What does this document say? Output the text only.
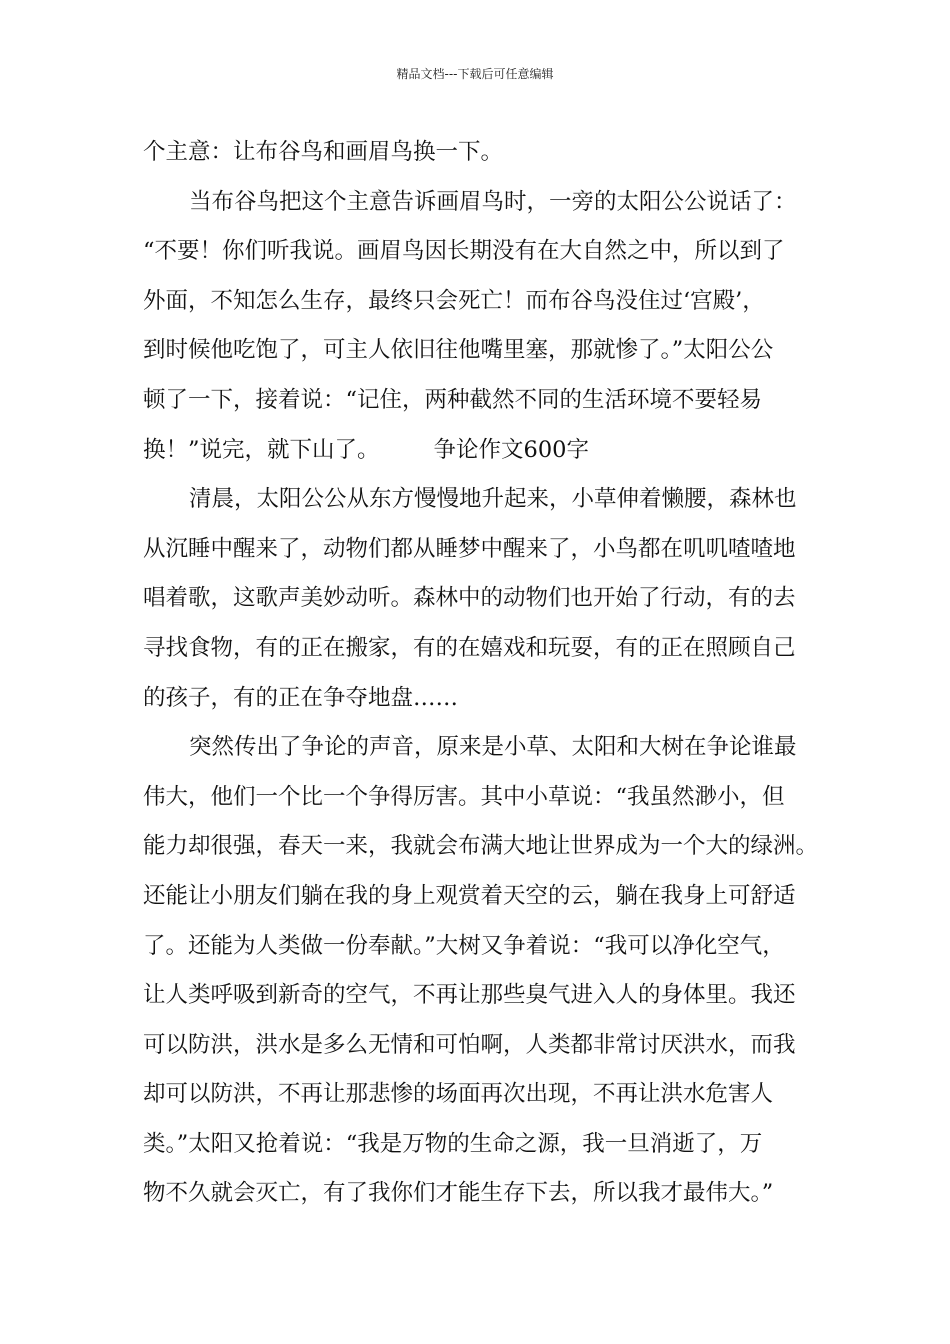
精品文档---下载后可任意编辑
个主意：让布谷鸟和画眉鸟换一下。
当布谷鸟把这个主意告诉画眉鸟时，一旁的太阳公公说话了：
“不要！你们听我说。画眉鸟因长期没有在大自然之中，所以到了
外面，不知怎么生存，最终只会死亡！而布谷鸟没住过‘宫殿’，
到时候他吃饱了，可主人依旧往他嘴里塞，那就惨了。”太阳公公
顿了一下，接着说：“记住，两种截然不同的生活环境不要轻易
换！”说完，就下山了。 争论作文600字
清晨，太阳公公从东方慢慢地升起来，小草伸着懒腰，森林也
从沉睡中醒来了，动物们都从睡梦中醒来了，小鸟都在叽叽喳喳地
唱着歌，这歌声美妙动听。森林中的动物们也开始了行动，有的去
寻找食物，有的正在搬家，有的在嬉戏和玩耍，有的正在照顾自己
的孩子，有的正在争夺地盘……
突然传出了争论的声音，原来是小草、太阳和大树在争论谁最
伟大，他们一个比一个争得厉害。其中小草说：“我虽然渺小，但
能力却很强，春天一来，我就会布满大地让世界成为一个大的绿洲。
还能让小朋友们躺在我的身上观赏着天空的云，躺在我身上可舒适
了。还能为人类做一份奉献。”大树又争着说：“我可以净化空气，
让人类呼吸到新奇的空气，不再让那些臭气进入人的身体里。我还
可以防洪，洪水是多么无情和可怕啊，人类都非常讨厌洪水，而我
却可以防洪，不再让那悲惨的场面再次出现，不再让洪水危害人
类。”太阳又抢着说：“我是万物的生命之源，我一旦消逝了，万
物不久就会灭亡，有了我你们才能生存下去，所以我才最伟大。”
